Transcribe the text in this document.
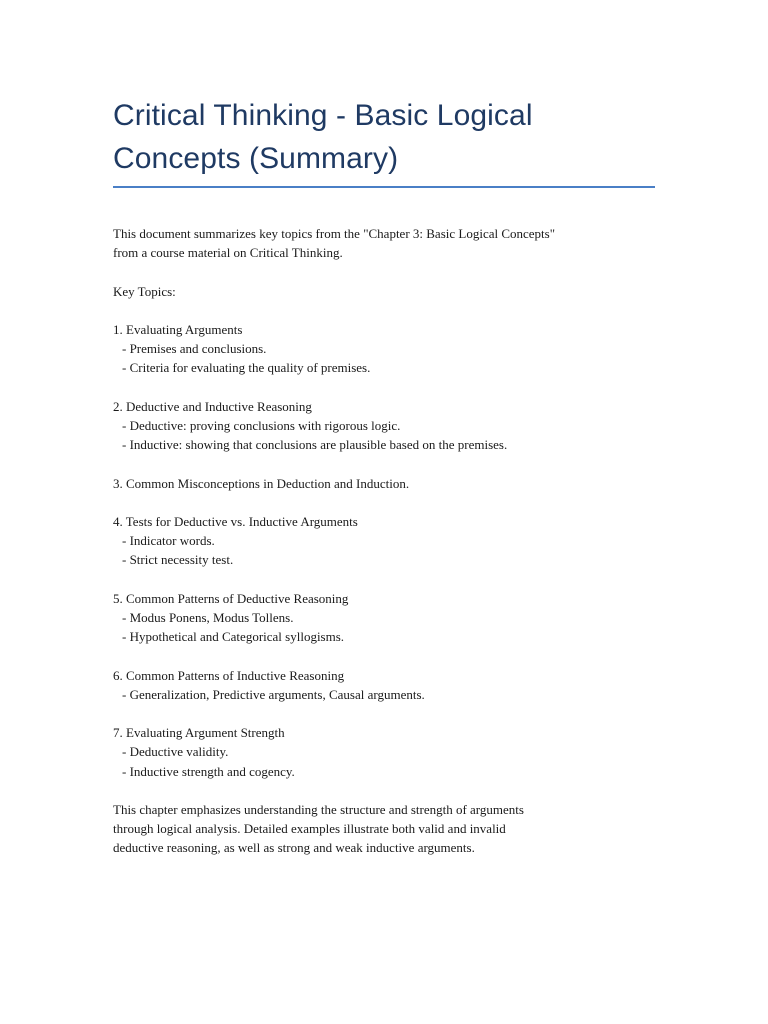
Critical Thinking - Basic Logical
Concepts (Summary)

This document summarizes key topics from the "Chapter 3: Basic Logical Concepts"
from a course material on Critical Thinking.

Key Topics:

1. Evaluating Arguments
- Premises and conclusions.
- Criteria for evaluating the quality of premises.
2. Deductive and Inductive Reasoning
- Deductive: proving conclusions with rigorous logic.
- Inductive: showing that conclusions are plausible based on the premises.
3. Common Misconceptions in Deduction and Induction.
4. Tests for Deductive vs. Inductive Arguments
- Indicator words.
- Strict necessity test.
5. Common Patterns of Deductive Reasoning
- Modus Ponens, Modus Tollens.
- Hypothetical and Categorical syllogisms.
6. Common Patterns of Inductive Reasoning
- Generalization, Predictive arguments, Causal arguments.
7. Evaluating Argument Strength
- Deductive validity.
- Inductive strength and cogency.

This chapter emphasizes understanding the structure and strength of arguments
through logical analysis. Detailed examples illustrate both valid and invalid
deductive reasoning, as well as strong and weak inductive arguments.
